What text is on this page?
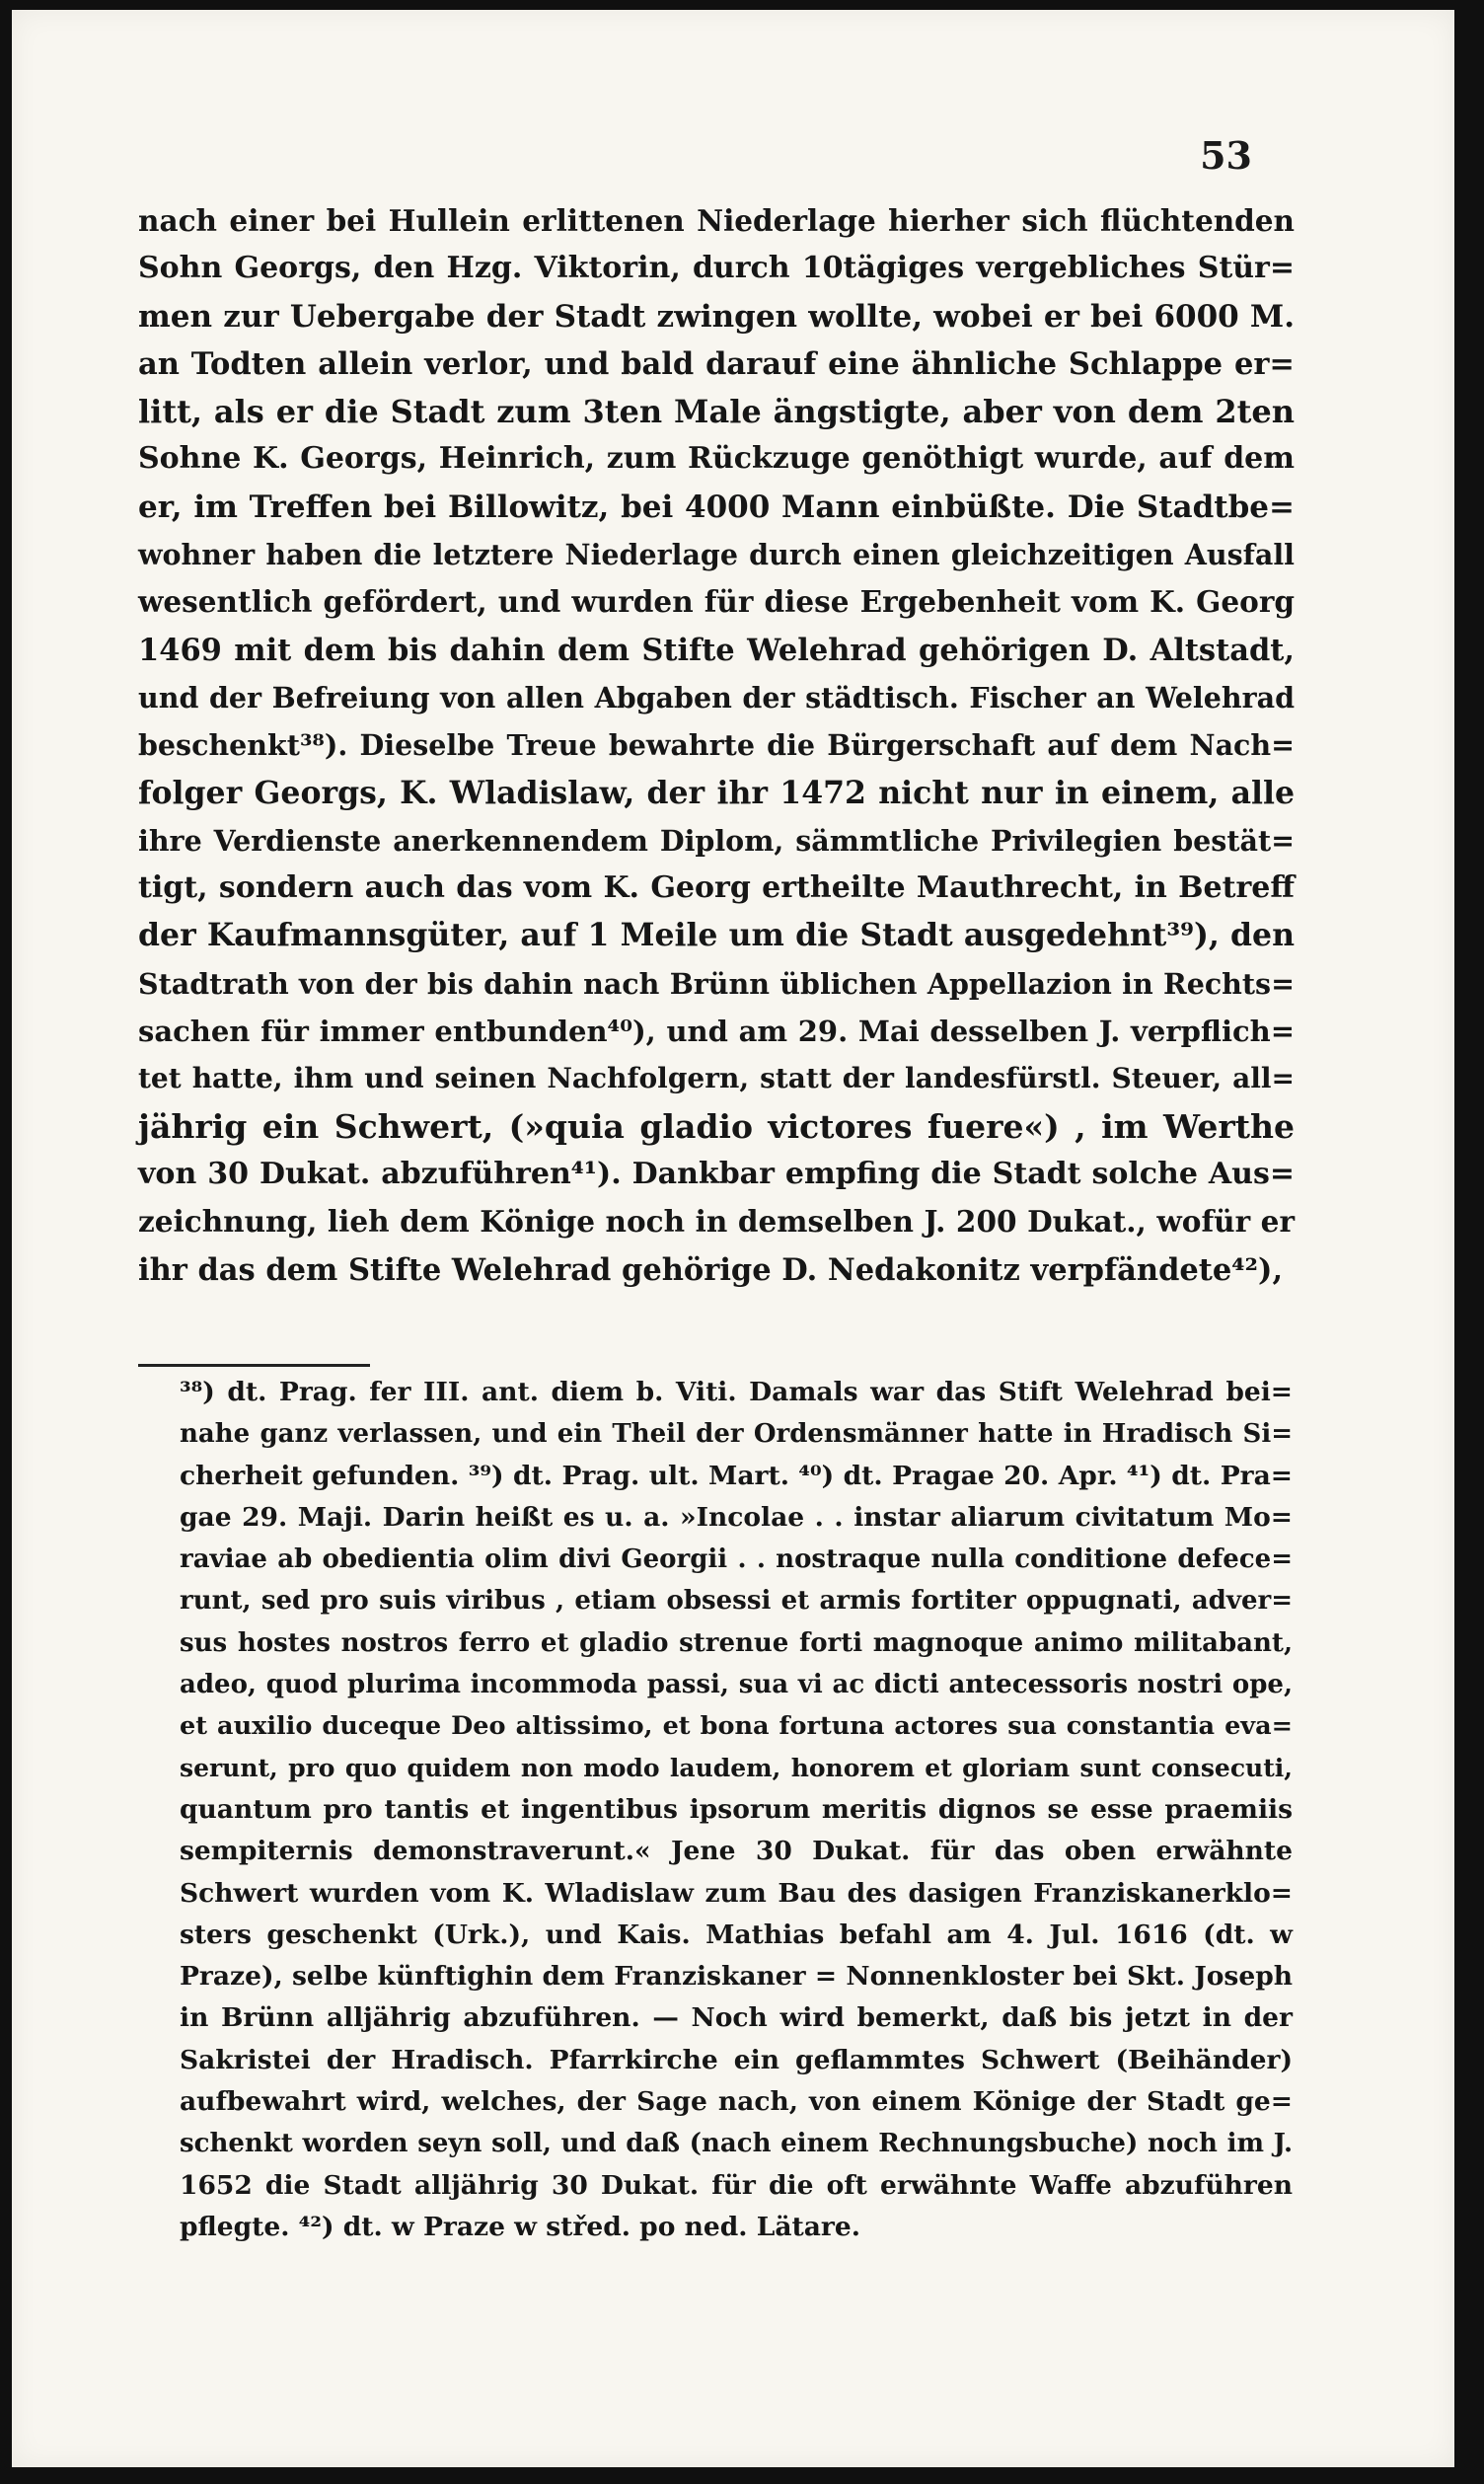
53
nach einer bei Hullein erlittenen Niederlage hierher sich flüchtenden
Sohn Georgs, den Hzg. Viktorin, durch 10tägiges vergebliches Stür=
men zur Uebergabe der Stadt zwingen wollte, wobei er bei 6000 M.
an Todten allein verlor, und bald darauf eine ähnliche Schlappe er=
litt, als er die Stadt zum 3ten Male ängstigte, aber von dem 2ten
Sohne K. Georgs, Heinrich, zum Rückzuge genöthigt wurde, auf dem
er, im Treffen bei Billowitz, bei 4000 Mann einbüßte. Die Stadtbe=
wohner haben die letztere Niederlage durch einen gleichzeitigen Ausfall
wesentlich gefördert, und wurden für diese Ergebenheit vom K. Georg
1469 mit dem bis dahin dem Stifte Welehrad gehörigen D. Altstadt,
und der Befreiung von allen Abgaben der städtisch. Fischer an Welehrad
beschenkt³⁸). Dieselbe Treue bewahrte die Bürgerschaft auf dem Nach=
folger Georgs, K. Wladislaw, der ihr 1472 nicht nur in einem, alle
ihre Verdienste anerkennendem Diplom, sämmtliche Privilegien bestät=
tigt, sondern auch das vom K. Georg ertheilte Mauthrecht, in Betreff
der Kaufmannsgüter, auf 1 Meile um die Stadt ausgedehnt³⁹), den
Stadtrath von der bis dahin nach Brünn üblichen Appellazion in Rechts=
sachen für immer entbunden⁴⁰), und am 29. Mai desselben J. verpflich=
tet hatte, ihm und seinen Nachfolgern, statt der landesfürstl. Steuer, all=
jährig ein Schwert, (»quia gladio victores fuere«) , im Werthe
von 30 Dukat. abzuführen⁴¹). Dankbar empfing die Stadt solche Aus=
zeichnung, lieh dem Könige noch in demselben J. 200 Dukat., wofür er
ihr das dem Stifte Welehrad gehörige D. Nedakonitz verpfändete⁴²),
³⁸) dt. Prag. fer III. ant. diem b. Viti. Damals war das Stift Welehrad bei=
nahe ganz verlassen, und ein Theil der Ordensmänner hatte in Hradisch Si=
cherheit gefunden. ³⁹) dt. Prag. ult. Mart. ⁴⁰) dt. Pragae 20. Apr. ⁴¹) dt. Pra=
gae 29. Maji. Darin heißt es u. a. »Incolae . . instar aliarum civitatum Mo=
raviae ab obedientia olim divi Georgii . . nostraque nulla conditione defece=
runt, sed pro suis viribus , etiam obsessi et armis fortiter oppugnati, adver=
sus hostes nostros ferro et gladio strenue forti magnoque animo militabant,
adeo, quod plurima incommoda passi, sua vi ac dicti antecessoris nostri ope,
et auxilio duceque Deo altissimo, et bona fortuna actores sua constantia eva=
serunt, pro quo quidem non modo laudem, honorem et gloriam sunt consecuti,
quantum pro tantis et ingentibus ipsorum meritis dignos se esse praemiis
sempiternis demonstraverunt.« Jene 30 Dukat. für das oben erwähnte
Schwert wurden vom K. Wladislaw zum Bau des dasigen Franziskanerklo=
sters geschenkt (Urk.), und Kais. Mathias befahl am 4. Jul. 1616 (dt. w
Praze), selbe künftighin dem Franziskaner = Nonnenkloster bei Skt. Joseph
in Brünn alljährig abzuführen. — Noch wird bemerkt, daß bis jetzt in der
Sakristei der Hradisch. Pfarrkirche ein geflammtes Schwert (Beihänder)
aufbewahrt wird, welches, der Sage nach, von einem Könige der Stadt ge=
schenkt worden seyn soll, und daß (nach einem Rechnungsbuche) noch im J.
1652 die Stadt alljährig 30 Dukat. für die oft erwähnte Waffe abzuführen
pflegte. ⁴²) dt. w Praze w střed. po ned. Lätare.
